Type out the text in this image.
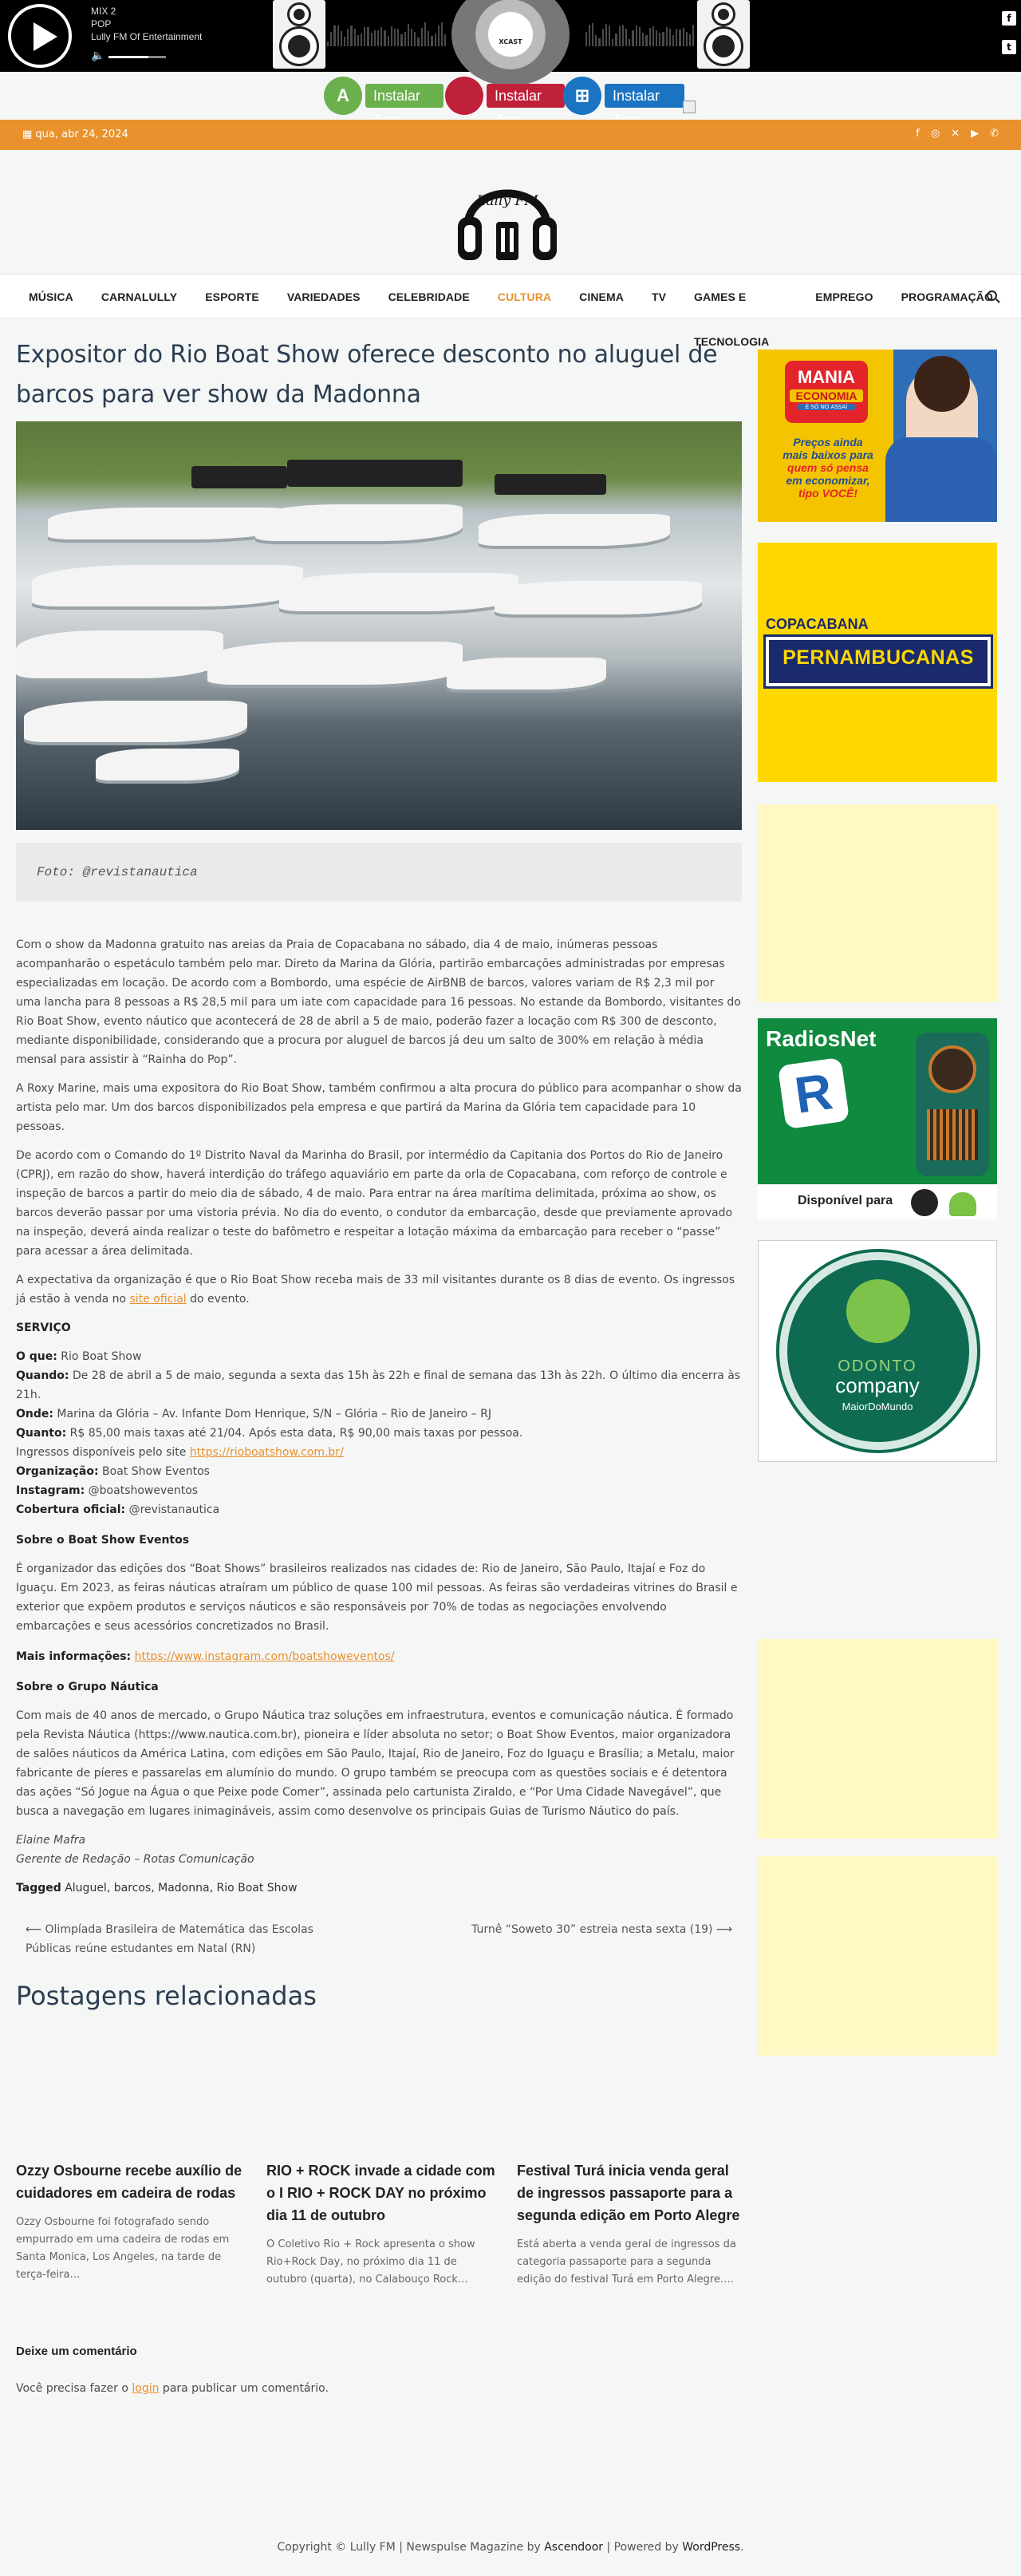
MIX 2
POP
Lully FM Of Entertainment
🔈
XCAST
f
t
Instalar
A	Instalar	Instalar
⊞
▦ qua, abr 24, 2024	f ◎ ✕ ▶ ✆
Lully FM
MÚSICA	CARNALULLY	ESPORTE	VARIEDADES	CELEBRIDADE	CULTURA	CINEMA	TV	GAMES E TECNOLOGIA
EMPREGO	PROGRAMAÇÃO
Expositor do Rio Boat Show oferece desconto no aluguel de barcos para ver show da Madonna
Foto: @revistanautica

Com o show da Madonna gratuito nas areias da Praia de Copacabana no sábado, dia 4 de maio, inúmeras pessoas acompanharão o espetáculo também pelo mar. Direto da Marina da Glória, partirão embarcações administradas por empresas especializadas em locação. De acordo com a Bombordo, uma espécie de AirBNB de barcos, valores variam de R$ 2,3 mil por uma lancha para 8 pessoas a R$ 28,5 mil para um iate com capacidade para 16 pessoas. No estande da Bombordo, visitantes do Rio Boat Show, evento náutico que acontecerá de 28 de abril a 5 de maio, poderão fazer a locação com R$ 300 de desconto, mediante disponibilidade, considerando que a procura por aluguel de barcos já deu um salto de 300% em relação à média mensal para assistir à “Rainha do Pop”.

A Roxy Marine, mais uma expositora do Rio Boat Show, também confirmou a alta procura do público para acompanhar o show da artista pelo mar. Um dos barcos disponibilizados pela empresa e que partirá da Marina da Glória tem capacidade para 10 pessoas.

De acordo com o Comando do 1º Distrito Naval da Marinha do Brasil, por intermédio da Capitania dos Portos do Rio de Janeiro (CPRJ), em razão do show, haverá interdição do tráfego aquaviário em parte da orla de Copacabana, com reforço de controle e inspeção de barcos a partir do meio dia de sábado, 4 de maio. Para entrar na área marítima delimitada, próxima ao show, os barcos deverão passar por uma vistoria prévia. No dia do evento, o condutor da embarcação, desde que previamente aprovado na inspeção, deverá ainda realizar o teste do bafômetro e respeitar a lotação máxima da embarcação para receber o “passe” para acessar a área delimitada.

A expectativa da organização é que o Rio Boat Show receba mais de 33 mil visitantes durante os 8 dias de evento. Os ingressos já estão à venda no site oficial do evento.

SERVIÇO

O que: Rio Boat Show
Quando: De 28 de abril a 5 de maio, segunda a sexta das 15h às 22h e final de semana das 13h às 22h. O último dia encerra às 21h.
Onde: Marina da Glória – Av. Infante Dom Henrique, S/N – Glória – Rio de Janeiro – RJ
Quanto: R$ 85,00 mais taxas até 21/04. Após esta data, R$ 90,00 mais taxas por pessoa.
Ingressos disponíveis pelo site https://rioboatshow.com.br/
Organização: Boat Show Eventos
Instagram: @boatshoweventos
Cobertura oficial: @revistanautica

Sobre o Boat Show Eventos

É organizador das edições dos “Boat Shows” brasileiros realizados nas cidades de: Rio de Janeiro, São Paulo, Itajaí e Foz do Iguaçu. Em 2023, as feiras náuticas atraíram um público de quase 100 mil pessoas. As feiras são verdadeiras vitrines do Brasil e exterior que expõem produtos e serviços náuticos e são responsáveis por 70% de todas as negociações envolvendo embarcações e seus acessórios concretizados no Brasil.

Mais informações: https://www.instagram.com/boatshoweventos/

Sobre o Grupo Náutica

Com mais de 40 anos de mercado, o Grupo Náutica traz soluções em infraestrutura, eventos e comunicação náutica. É formado pela Revista Náutica (https://www.nautica.com.br), pioneira e líder absoluta no setor; o Boat Show Eventos, maior organizadora de salões náuticos da América Latina, com edições em São Paulo, Itajaí, Rio de Janeiro, Foz do Iguaçu e Brasília; a Metalu, maior fabricante de píeres e passarelas em alumínio do mundo. O grupo também se preocupa com as questões sociais e é detentora das ações “Só Jogue na Água o que Peixe pode Comer”, assinada pelo cartunista Ziraldo, e “Por Uma Cidade Navegável”, que busca a navegação em lugares inimagináveis, assim como desenvolve os principais Guias de Turismo Náutico do país.

Elaine Mafra
Gerente de Redação – Rotas Comunicação

Tagged Aluguel, barcos, Madonna, Rio Boat Show

⟵ Olimpíada Brasileira de Matemática das Escolas Públicas reúne estudantes em Natal (RN)
Turnê “Soweto 30” estreia nesta sexta (19) ⟶
Postagens relacionadas
Ozzy Osbourne recebe auxílio de cuidadores em cadeira de rodas

Ozzy Osbourne foi fotografado sendo empurrado em uma cadeira de rodas em Santa Monica, Los Angeles, na tarde de terça-feira…

RIO + ROCK invade a cidade com o I RIO + ROCK DAY no próximo dia 11 de outubro

O Coletivo Rio + Rock apresenta o show Rio+Rock Day, no próximo dia 11 de outubro (quarta), no Calabouço Rock…

Festival Turá inicia venda geral de ingressos passaporte para a segunda edição em Porto Alegre

Está aberta a venda geral de ingressos da categoria passaporte para a segunda edição do festival Turá em Porto Alegre.…

Deixe um comentário
Você precisa fazer o login para publicar um comentário.
MANIA
ECONOMIA
É SÓ NO ASSAÍ
Preços ainda
mais baixos para
quem só pensa
em economizar,
tipo VOCÊ!
COPACABANA
PERNAMBUCANAS
RadiosNet
R
Disponível para
ODONTO
company
MaiorDoMundo
Copyright © Lully FM | Newspulse Magazine by Ascendoor | Powered by WordPress.
